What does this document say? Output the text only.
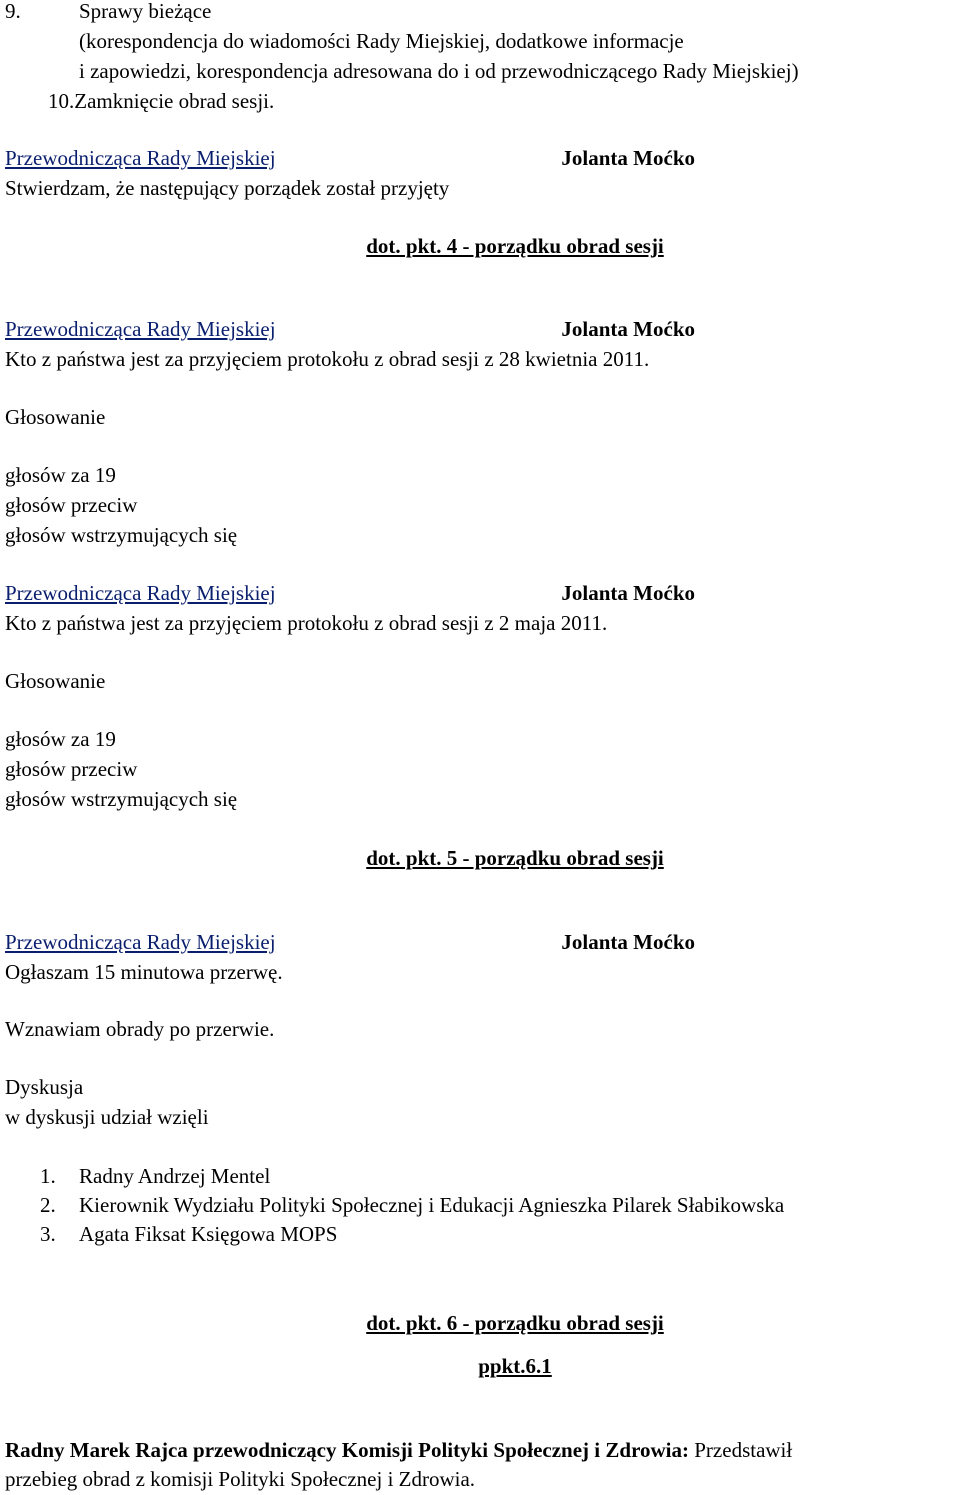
9.	Sprawy bieżące
(korespondencja do wiadomości Rady Miejskiej, dodatkowe informacje
i zapowiedzi, korespondencja adresowana do i od przewodniczącego Rady Miejskiej)
10.Zamknięcie obrad sesji.
Przewodnicząca Rady Miejskiej	Jolanta Moćko
Stwierdzam, że następujący porządek został przyjęty
dot. pkt. 4 - porządku obrad sesji
Przewodnicząca Rady Miejskiej	Jolanta Moćko
Kto z państwa jest za przyjęciem protokołu z obrad sesji z 28 kwietnia 2011.
Głosowanie
głosów za 19
głosów przeciw
głosów wstrzymujących się
Przewodnicząca Rady Miejskiej	Jolanta Moćko
Kto z państwa jest za przyjęciem protokołu z obrad sesji z 2 maja 2011.
Głosowanie
głosów za 19
głosów przeciw
głosów wstrzymujących się
dot. pkt. 5 - porządku obrad sesji
Przewodnicząca Rady Miejskiej	Jolanta Moćko
Ogłaszam 15 minutowa przerwę.
Wznawiam obrady po przerwie.
Dyskusja
w dyskusji udział wzięli
1. Radny Andrzej Mentel
2. Kierownik Wydziału Polityki Społecznej i Edukacji Agnieszka Pilarek Słabikowska
3. Agata Fiksat Księgowa MOPS
dot. pkt. 6 - porządku obrad sesji
ppkt.6.1
Radny Marek Rajca przewodniczący Komisji Polityki Społecznej i Zdrowia: Przedstawił
przebieg obrad z komisji Polityki Społecznej i Zdrowia.
